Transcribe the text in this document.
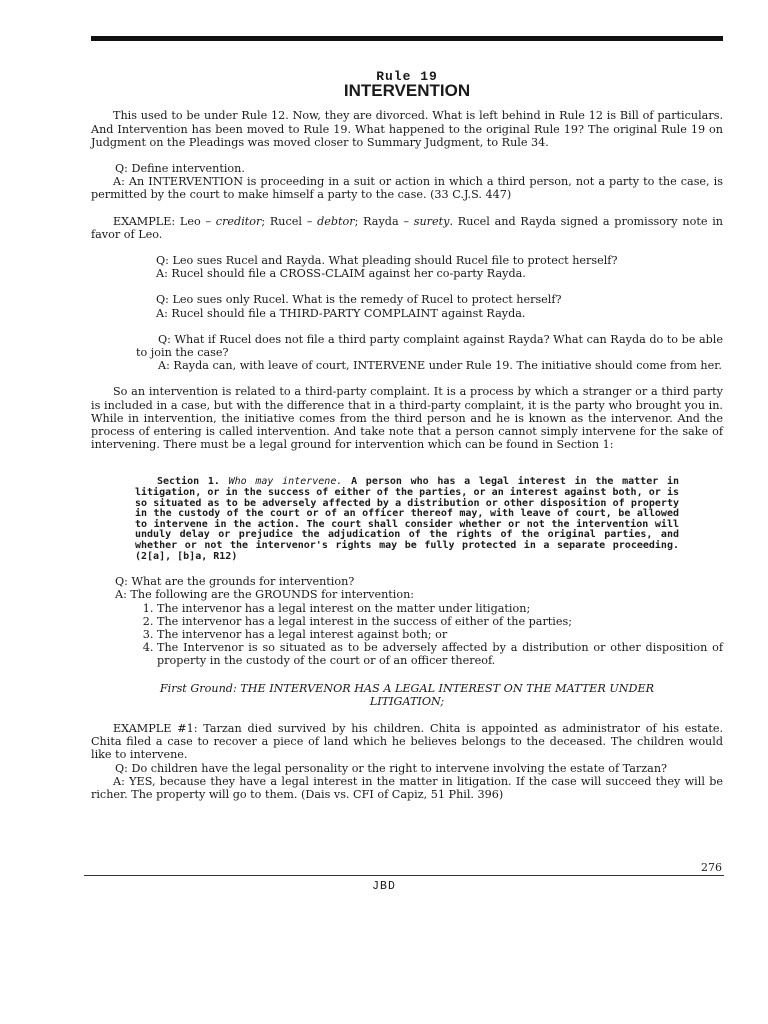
Rule 19

INTERVENTION

This used to be under Rule 12. Now, they are divorced. What is left behind in Rule 12 is Bill of particulars. And Intervention has been moved to Rule 19. What happened to the original Rule 19? The original Rule 19 on Judgment on the Pleadings was moved closer to Summary Judgment, to Rule 34.

Q: Define intervention.

A: An INTERVENTION is proceeding in a suit or action in which a third person, not a party to the case, is permitted by the court to make himself a party to the case. (33 C.J.S. 447)

EXAMPLE: Leo – creditor; Rucel – debtor; Rayda – surety. Rucel and Rayda signed a promissory note in favor of Leo.

Q: Leo sues Rucel and Rayda. What pleading should Rucel file to protect herself?

A: Rucel should file a CROSS-CLAIM against her co-party Rayda.

Q: Leo sues only Rucel. What is the remedy of Rucel to protect herself?

A: Rucel should file a THIRD-PARTY COMPLAINT against Rayda.

Q: What if Rucel does not file a third party complaint against Rayda? What can Rayda do to be able to join the case?

A: Rayda can, with leave of court, INTERVENE under Rule 19. The initiative should come from her.

So an intervention is related to a third-party complaint. It is a process by which a stranger or a third party is included in a case, but with the difference that in a third-party complaint, it is the party who brought you in. While in intervention, the initiative comes from the third person and he is known as the intervenor. And the process of entering is called intervention. And take note that a person cannot simply intervene for the sake of intervening. There must be a legal ground for intervention which can be found in Section 1:

Section 1. Who may intervene. A person who has a legal interest in the matter in litigation, or in the success of either of the parties, or an interest against both, or is so situated as to be adversely affected by a distribution or other disposition of property in the custody of the court or of an officer thereof may, with leave of court, be allowed to intervene in the action. The court shall consider whether or not the intervention will unduly delay or prejudice the adjudication of the rights of the original parties, and whether or not the intervenor's rights may be fully protected in a separate proceeding. (2[a], [b]a, R12)

Q: What are the grounds for intervention?

A: The following are the GROUNDS for intervention:

1. The intervenor has a legal interest on the matter under litigation;
2. The intervenor has a legal interest in the success of either of the parties;
3. The intervenor has a legal interest against both; or
4. The Intervenor is so situated as to be adversely affected by a distribution or other disposition of property in the custody of the court or of an officer thereof.

First Ground: THE INTERVENOR HAS A LEGAL INTEREST ON THE MATTER UNDER LITIGATION;

EXAMPLE #1: Tarzan died survived by his children. Chita is appointed as administrator of his estate. Chita filed a case to recover a piece of land which he believes belongs to the deceased. The children would like to intervene.

Q: Do children have the legal personality or the right to intervene involving the estate of Tarzan?

A: YES, because they have a legal interest in the matter in litigation. If the case will succeed they will be richer. The property will go to them. (Dais vs. CFI of Capiz, 51 Phil. 396)

276
JBD
